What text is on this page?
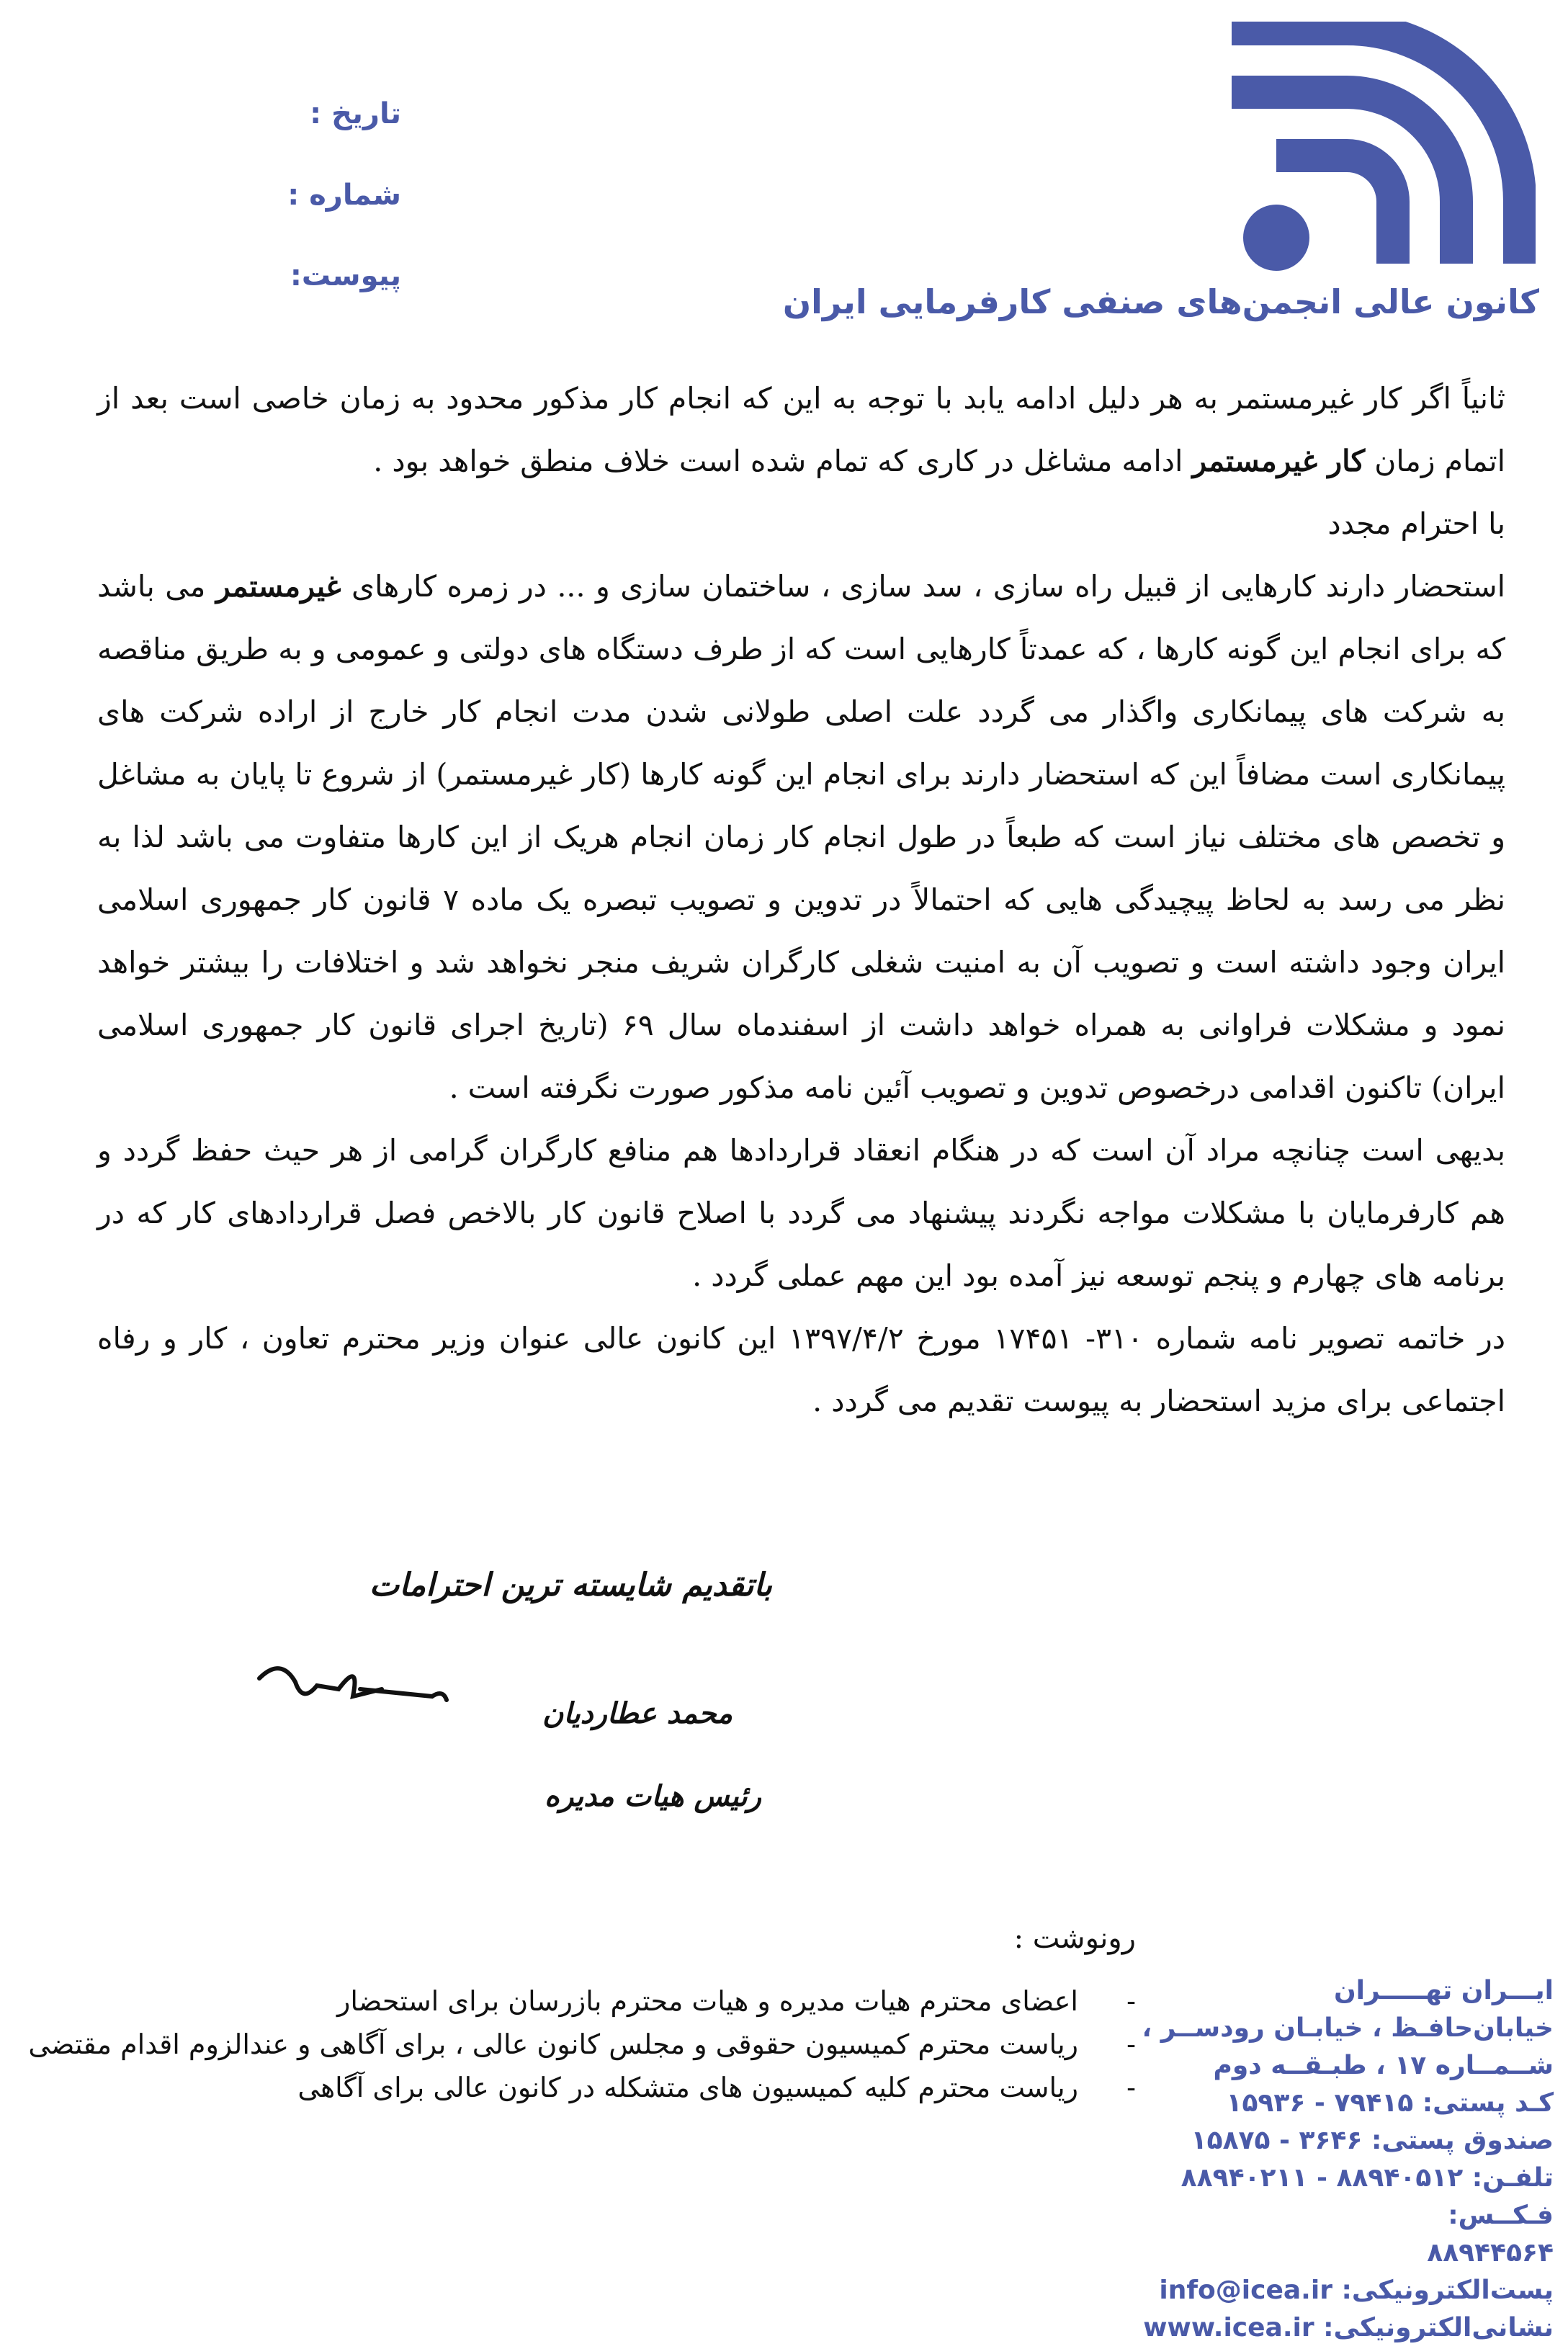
کانون عالی انجمن‌های صنفی کارفرمایی ایران
تاریخ :
شماره :
پیوست:

ثانیاً اگر کار غیرمستمر به هر دلیل ادامه یابد با توجه به این که انجام کار مذکور محدود به زمان خاصی است بعد از اتمام زمان کار غیرمستمر ادامه مشاغل در کاری که تمام شده است خلاف منطق خواهد بود .

با احترام مجدد

استحضار دارند کارهایی از قبیل راه سازی ، سد سازی ، ساختمان سازی و ... در زمره کارهای غیرمستمر می باشد که برای انجام این گونه کارها ، که عمدتاً کارهایی است که از طرف دستگاه های دولتی و عمومی و به طریق مناقصه به شرکت های پیمانکاری واگذار می گردد علت اصلی طولانی شدن مدت انجام کار خارج از اراده شرکت های پیمانکاری است مضافاً این که استحضار دارند برای انجام این گونه کارها (کار غیرمستمر) از شروع تا پایان به مشاغل و تخصص های مختلف نیاز است که طبعاً در طول انجام کار زمان انجام هریک از این کارها متفاوت می باشد لذا به نظر می رسد به لحاظ پیچیدگی هایی که احتمالاً در تدوین و تصویب تبصره یک ماده ۷ قانون کار جمهوری اسلامی ایران وجود داشته است و تصویب آن به امنیت شغلی کارگران شریف منجر نخواهد شد و اختلافات را بیشتر خواهد نمود و مشکلات فراوانی به همراه خواهد داشت از اسفندماه سال ۶۹ (تاریخ اجرای قانون کار جمهوری اسلامی ایران) تاکنون اقدامی درخصوص تدوین و تصویب آئین نامه مذکور صورت نگرفته است .

بدیهی است چنانچه مراد آن است که در هنگام انعقاد قراردادها هم منافع کارگران گرامی از هر حیث حفظ گردد و هم کارفرمایان با مشکلات مواجه نگردند پیشنهاد می گردد با اصلاح قانون کار بالاخص فصل قراردادهای کار که در برنامه های چهارم و پنجم توسعه نیز آمده بود این مهم عملی گردد .

در خاتمه تصویر نامه شماره ۳۱۰- ۱۷۴۵۱ مورخ ۱۳۹۷/۴/۲ این کانون عالی عنوان وزیر محترم تعاون ، کار و رفاه اجتماعی برای مزید استحضار به پیوست تقدیم می گردد .

باتقدیم شایسته ترین احترامات
محمد عطاردیان
رئیس هیات مدیره
رونوشت :
- اعضای محترم هیات مدیره و هیات محترم بازرسان برای استحضار
- ریاست محترم کمیسیون حقوقی و مجلس کانون عالی ، برای آگاهی و عندالزوم اقدام مقتضی
- ریاست محترم کلیه کمیسیون های متشکله در کانون عالی برای آگاهی
ایـــران تهـــــران
خیابان‌حافـظ ، خیابـان رودســر ،
شــمــاره ۱۷ ، طبـقــه دوم
کـد پستی: ۷۹۴۱۵ - ۱۵۹۳۶
صندوق پستی: ۳۶۴۶ - ۱۵۸۷۵
تلفـن: ۸۸۹۴۰۵۱۲ - ۸۸۹۴۰۲۱۱
فـکــس:
۸۸۹۴۴۵۶۴
پست‌الکترونیکی: info@icea.ir
نشانی‌الکترونیکی: www.icea.ir
